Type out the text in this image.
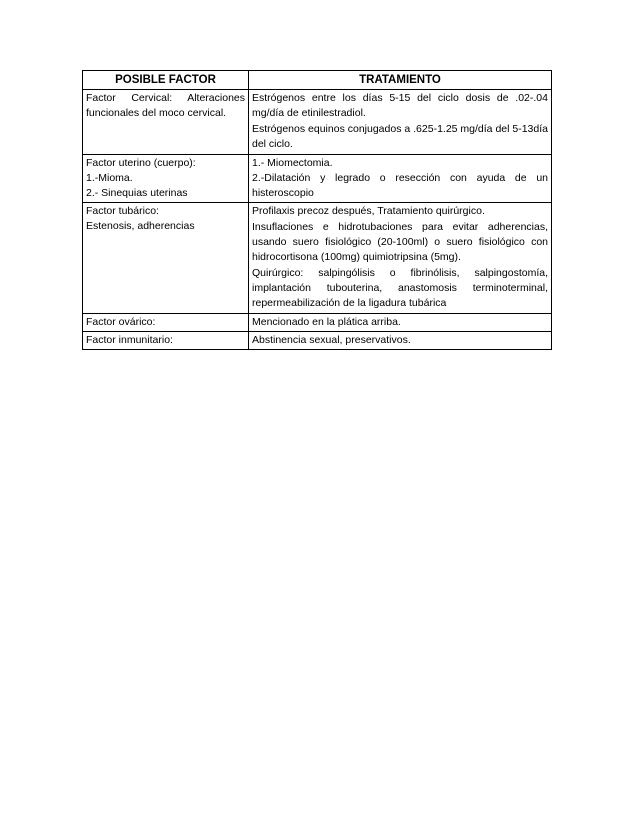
POSIBLE FACTOR	TRATAMIENTO

Factor Cervical: Alteraciones funcionales del moco cervical.	Estrógenos entre los días 5-15 del ciclo dosis de .02-.04 mg/día de etinilestradiol.
Estrógenos equinos conjugados a .625-1.25 mg/día del 5-13día del ciclo.

Factor uterino (cuerpo):
1.-Mioma.
2.- Sinequias uterinas	1.- Miomectomia.
2.-Dilatación y legrado o resección con ayuda de un histeroscopio

Factor tubárico:
Estenosis, adherencias	Profilaxis precoz después, Tratamiento quirúrgico.
Insuflaciones e hidrotubaciones para evitar adherencias, usando suero fisiológico (20-100ml) o suero fisiológico con hidrocortisona (100mg) quimiotripsina (5mg).
Quirúrgico: salpingólisis o fibrinólisis, salpingostomía, implantación tubouterina, anastomosis terminoterminal, repermeabilización de la ligadura tubárica

Factor ovárico:	Mencionado en la plática arriba.

Factor inmunitario:	Abstinencia sexual, preservativos.
